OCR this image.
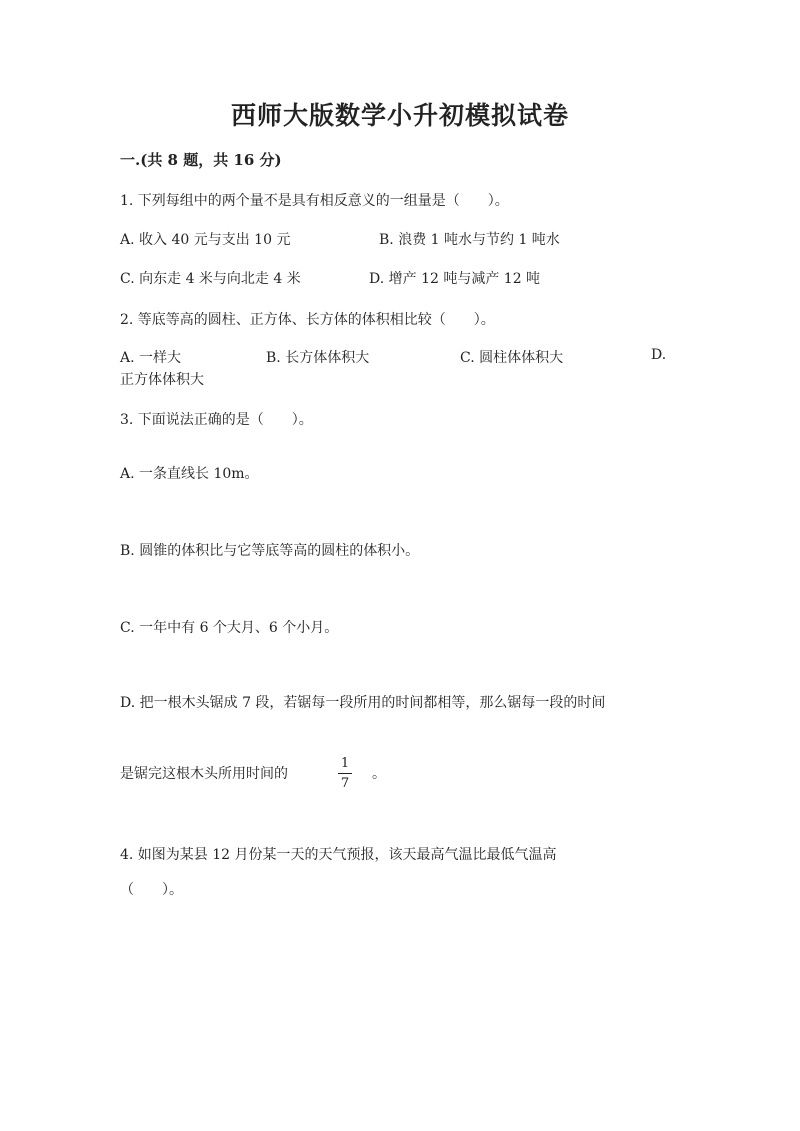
西师大版数学小升初模拟试卷
一.(共 8 题，共 16 分)
1. 下列每组中的两个量不是具有相反意义的一组量是（　　）。
A. 收入 40 元与支出 10 元	B. 浪费 1 吨水与节约 1 吨水
C. 向东走 4 米与向北走 4 米	D. 增产 12 吨与减产 12 吨
2. 等底等高的圆柱、正方体、长方体的体积相比较（　　）。
A. 一样大	B. 长方体体积大	C. 圆柱体体积大	D.
正方体体积大
3. 下面说法正确的是（　　）。
A. 一条直线长 10m。
B. 圆锥的体积比与它等底等高的圆柱的体积小。
C. 一年中有 6 个大月、6 个小月。
D. 把一根木头锯成 7 段，若锯每一段所用的时间都相等，那么锯每一段的时间
是锯完这根木头所用时间的
1
7
。
4. 如图为某县 12 月份某一天的天气预报，该天最高气温比最低气温高
（　　）。
